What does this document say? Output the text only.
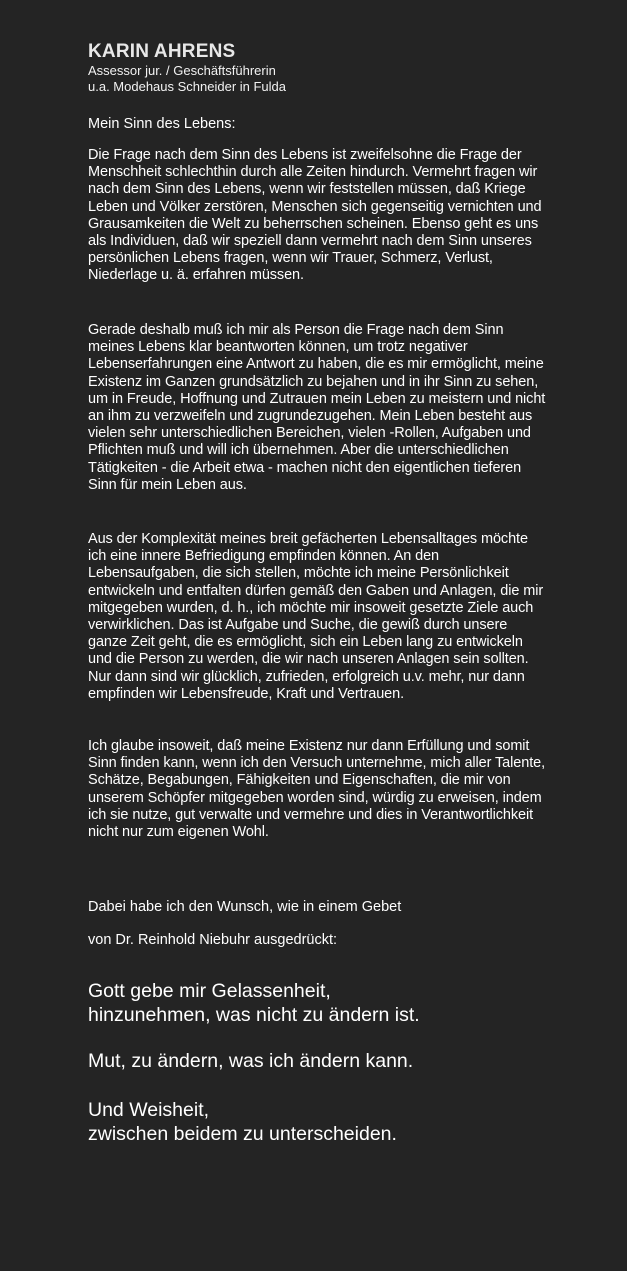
KARIN AHRENS

Assessor jur. / Geschäftsführerin

u.a. Modehaus Schneider in Fulda

Mein Sinn des Lebens:

Die Frage nach dem Sinn des Lebens ist zweifelsohne die Frage der Menschheit schlechthin durch alle Zeiten hindurch. Vermehrt fragen wir nach dem Sinn des Lebens, wenn wir feststellen müssen, daß Kriege Leben und Völker zerstören, Menschen sich gegenseitig vernichten und Grausamkeiten die Welt zu beherrschen scheinen. Ebenso geht es uns als Individuen, daß wir speziell dann vermehrt nach dem Sinn unseres persönlichen Lebens fragen, wenn wir Trauer, Schmerz, Verlust, Niederlage u. ä. erfahren müssen.

Gerade deshalb muß ich mir als Person die Frage nach dem Sinn meines Lebens klar beantworten können, um trotz negativer Lebenserfahrungen eine Antwort zu haben, die es mir ermöglicht, meine Existenz im Ganzen grundsätzlich zu bejahen und in ihr Sinn zu sehen, um in Freude, Hoffnung und Zutrauen mein Leben zu meistern und nicht an ihm zu verzweifeln und zugrundezugehen. Mein Leben besteht aus vielen sehr unterschiedlichen Bereichen, vielen -Rollen, Aufgaben und Pflichten muß und will ich übernehmen. Aber die unterschiedlichen Tätigkeiten - die Arbeit etwa - machen nicht den eigentlichen tieferen Sinn für mein Leben aus.

Aus der Komplexität meines breit gefächerten Lebensalltages möchte ich eine innere Befriedigung empfinden können. An den Lebensaufgaben, die sich stellen, möchte ich meine Persönlichkeit entwickeln und entfalten dürfen gemäß den Gaben und Anlagen, die mir mitgegeben wurden, d. h., ich möchte mir insoweit gesetzte Ziele auch verwirklichen. Das ist Aufgabe und Suche, die gewiß durch unsere ganze Zeit geht, die es ermöglicht, sich ein Leben lang zu entwickeln und die Person zu werden, die wir nach unseren Anlagen sein sollten. Nur dann sind wir glücklich, zufrieden, erfolgreich u.v. mehr, nur dann empfinden wir Lebensfreude, Kraft und Vertrauen.

Ich glaube insoweit, daß meine Existenz nur dann Erfüllung und somit Sinn finden kann, wenn ich den Versuch unternehme, mich aller Talente, Schätze, Begabungen, Fähigkeiten und Eigenschaften, die mir von unserem Schöpfer mitgegeben worden sind, würdig zu erweisen, indem ich sie nutze, gut verwalte und vermehre und dies in Verantwortlichkeit nicht nur zum eigenen Wohl.

Dabei habe ich den Wunsch, wie in einem Gebet

von Dr. Reinhold Niebuhr ausgedrückt:

Gott gebe mir Gelassenheit,

hinzunehmen, was nicht zu ändern ist.

Mut, zu ändern, was ich ändern kann.

Und Weisheit,

zwischen beidem zu unterscheiden.
